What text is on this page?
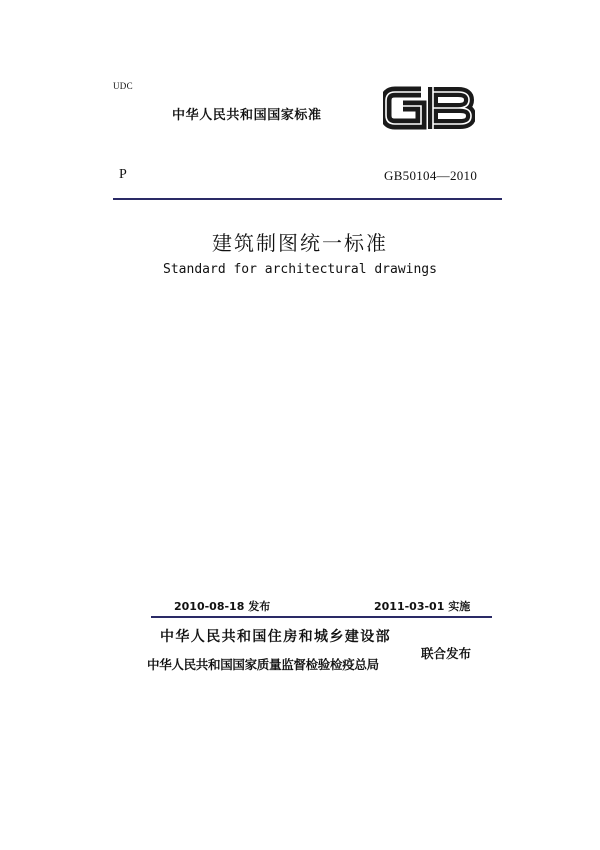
UDC
中华人民共和国国家标准
P	GB50104—2010
建筑制图统一标准
Standard for architectural drawings
2010-08-18 发布	2011-03-01 实施
中华人民共和国住房和城乡建设部
中华人民共和国国家质量监督检验检疫总局
联合发布
